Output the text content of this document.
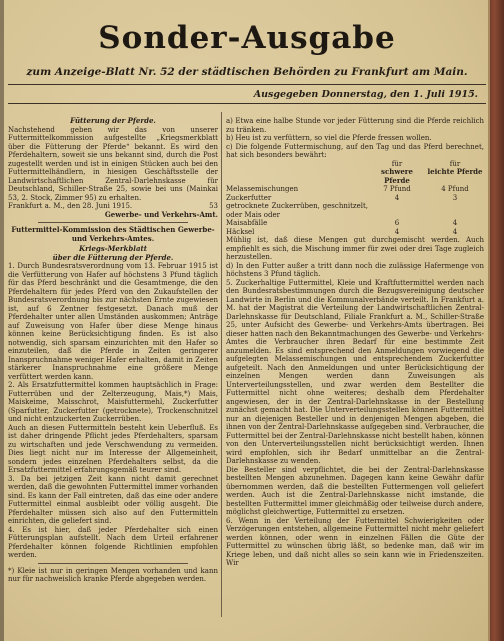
Sonder-Ausgabe
zum Anzeige-Blatt Nr. 52 der städtischen Behörden zu Frankfurt am Main.
Ausgegeben Donnerstag, den 1. Juli 1915.

Fütterung der Pferde.

Nachstehend geben wir das von unserer Futtermittelkommission aufgestellte „Kriegsmerkblatt über die Fütterung der Pferde“ bekannt. Es wird den Pferdehaltern, soweit sie uns bekannt sind, durch die Post zugestellt werden und ist in einigen Stücken auch bei den Futtermittelhändlern, in hiesigen Geschäftsstelle der Landwirtschaftlichen Zentral-Darlehnskasse für Deutschland, Schiller-Straße 25, sowie bei uns (Mainkai 53, 2. Stock, Zimmer 95) zu erhalten.

Frankfurt a. M., den 28. Juni 1915.	53

Gewerbe- und Verkehrs-Amt.

Futtermittel-Kommission des Städtischen Gewerbe- und Verkehrs-Amtes.

Kriegs-Merkblatt

über die Fütterung der Pferde.

1. Durch Bundesratsverordnung vom 13. Februar 1915 ist die Verfütterung von Hafer auf höchstens 3 Pfund täglich für das Pferd beschränkt und die Gesamtmenge, die den Pferdehaltern für jedes Pferd von den Zukaufstellen der Bundesratsverordnung bis zur nächsten Ernte zugewiesen ist, auf 6 Zentner festgesetzt. Danach muß der Pferdehalter unter allen Umständen auskommen; Anträge auf Zuweisung von Hafer über diese Menge hinaus können keine Berücksichtigung finden. Es ist also notwendig, sich sparsam einzurichten mit den Hafer so einzuteilen, daß die Pferde in Zeiten geringerer Inanspruchnahme weniger Hafer erhalten, damit in Zeiten stärkerer Inanspruchnahme eine größere Menge verfüttert werden kann.

2. Als Ersatzfuttermittel kommen hauptsächlich in Frage: Futterrüben und der Zelterzeugung, Mais,*) Mais, Maiskeime, Maisschrot, Maisfuttermehl, Zuckerfutter (Sparfutter, Zuckerfutter (getrocknete), Trockenschnitzel und nicht entzuckerten Zuckerrüben.

Auch an diesen Futtermitteln besteht kein Ueberfluß. Es ist daher dringende Pflicht jedes Pferdehalters, sparsam zu wirtschaften und jede Verschwendung zu vermeiden. Dies liegt nicht nur im Interesse der Allgemeinheit, sondern jedes einzelnen Pferdehalters selbst, da die Ersatzfuttermittel erfahrungsgemäß teurer sind.

3. Da bei jetzigen Zeit kann nicht damit gerechnet werden, daß die gewohnten Futtermittel immer vorhanden sind. Es kann der Fall eintreten, daß das eine oder andere Futtermittel einmal ausbleibt oder völlig ausgeht. Die Pferdehalter müssen sich also auf den Futtermitteln einrichten, die geliefert sind.

4. Es ist hier, daß jeder Pferdehalter sich einen Fütterungsplan aufstellt. Nach dem Urteil erfahrener Pferdehalter können folgende Richtlinien empfohlen werden.

*) Kleie ist nur in geringen Mengen vorhanden und kann nur für nachweislich kranke Pferde abgegeben werden.

a) Etwa eine halbe Stunde vor jeder Fütterung sind die Pferde reichlich zu tränken.

b) Heu ist zu verfüttern, so viel die Pferde fressen wollen.

c) Die folgende Futtermischung, auf den Tag und das Pferd berechnet, hat sich besonders bewährt:

	für	für
	schwere Pferde	leichte Pferde
Melassemischungen	7 Pfund	4 Pfund
Zuckerfutter	4	3
getrocknete Zuckerrüben, geschnitzelt, oder Mais oder		
Maisabfälle	6	4
Häcksel	4	4

Mühlig ist, daß diese Mengen gut durchgemischt werden. Auch empfiehlt es sich, die Mischung immer für zwei oder drei Tage zugleich herzustellen.

d) In den Futter außer a tritt dann noch die zulässige Hafermenge von höchstens 3 Pfund täglich.

5. Zuckerhaltige Futtermittel, Kleie und Kraftfuttermittel werden nach den Bundesratsbestimmungen durch die Bezugsvereinigung deutscher Landwirte in Berlin und die Kommunalverbände verteilt. In Frankfurt a. M. hat der Magistrat die Verteilung der Landwirtschaftlichen Zentral-Darlehnskasse für Deutschland, Filiale Frankfurt a. M., Schiller-Straße 25, unter Aufsicht des Gewerbe- und Verkehrs-Amts übertragen. Bei dieser hatten nach den Bekanntmachungen des Gewerbe- und Verkehrs-Amtes die Verbraucher ihren Bedarf für eine bestimmte Zeit anzumelden. Es sind entsprechend den Anmeldungen vorwiegend die aufgelegten Melassemischungen und entsprechendem Zuckerfutter aufgeteilt. Nach den Anmeldungen und unter Berücksichtigung der einzelnen Mengen werden dann Zuweisungen als Unterverteilungsstellen, und zwar werden dem Bestellter die Futtermittel nicht ohne weiteres; deshalb dem Pferdehalter angewiesen, der in der Zentral-Darlehnskasse in der Bestellung zunächst gemacht hat. Die Unterverteilungsstellen können Futtermittel nur an diejenigen Besteller und in denjenigen Mengen abgeben, die ihnen von der Zentral-Darlehnskasse aufgegeben sind. Verbraucher, die Futtermittel bei der Zentral-Darlehnskasse nicht bestellt haben, können von den Unterverteilungsstellen nicht berücksichtigt werden. Ihnen wird empfohlen, sich ihr Bedarf unmittelbar an die Zentral-Darlehnskasse zu wenden.

Die Besteller sind verpflichtet, die bei der Zentral-Darlehnskasse bestellten Mengen abzunehmen. Dagegen kann keine Gewähr dafür übernommen werden, daß die bestellten Futtermengen voll geliefert werden. Auch ist die Zentral-Darlehnskasse nicht imstande, die bestellten Futtermittel immer gleichmäßig oder teilweise durch andere, möglichst gleichwertige, Futtermittel zu ersetzen.

6. Wenn in der Verteilung der Futtermittel Schwierigkeiten oder Verzögerungen entstehen, allgemeine Futtermittel nicht mehr geliefert werden können, oder wenn in einzelnen Fällen die Güte der Futtermittel zu wünschen übrig läßt, so bedenke man, daß wir im Kriege leben, und daß nicht alles so sein kann wie in Friedenszeiten. Wir
